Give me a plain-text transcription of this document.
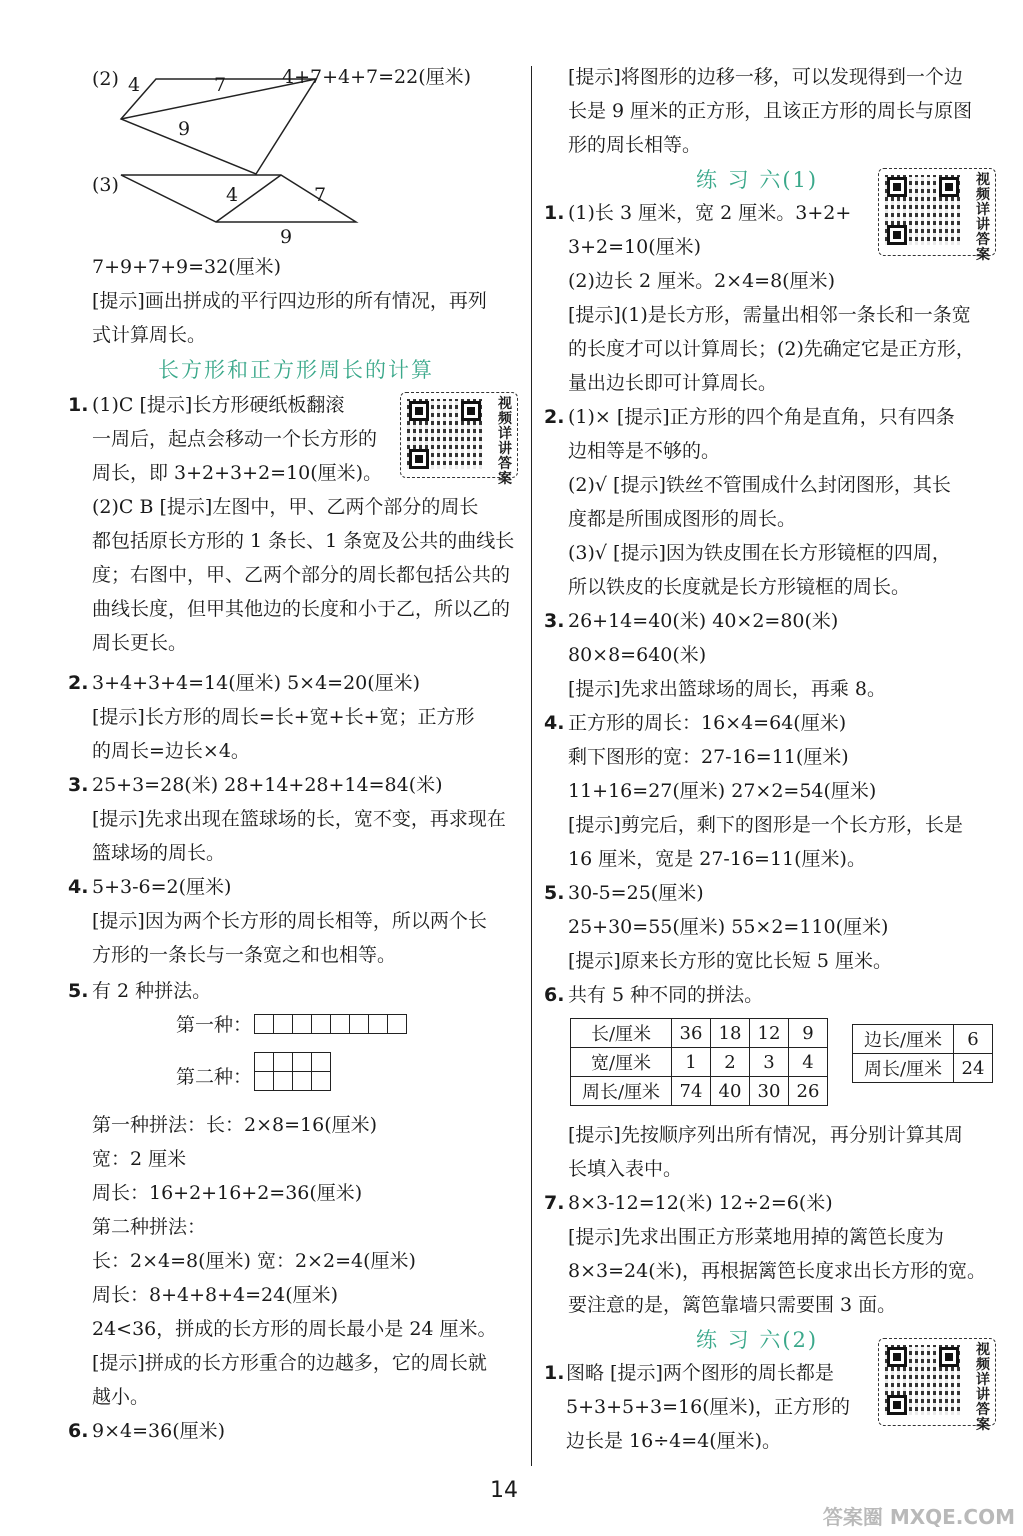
(2) 4	7
9
4+7+4+7=22(厘米)
(3)	4	7
9
7+9+7+9=32(厘米)
[提示]画出拼成的平行四边形的所有情况，再列
式计算周长。
长方形和正方形周长的计算
1. (1)C [提示]长方形硬纸板翻滚
一周后，起点会移动一个长方形的
周长，即 3+2+3+2=10(厘米)。
(2)C B [提示]左图中，甲、乙两个部分的周长
都包括原长方形的 1 条长、1 条宽及公共的曲线长
度；右图中，甲、乙两个部分的周长都包括公共的
曲线长度，但甲其他边的长度和小于乙，所以乙的
周长更长。
视频详讲答案
2. 3+4+3+4=14(厘米) 5×4=20(厘米)
[提示]长方形的周长=长+宽+长+宽；正方形
的周长=边长×4。
3. 25+3=28(米) 28+14+28+14=84(米)
[提示]先求出现在篮球场的长，宽不变，再求现在
篮球场的周长。
4. 5+3-6=2(厘米)
[提示]因为两个长方形的周长相等，所以两个长
方形的一条长与一条宽之和也相等。
5. 有 2 种拼法。
第一种：

第二种：

第一种拼法：长：2×8=16(厘米)
宽：2 厘米
周长：16+2+16+2=36(厘米)
第二种拼法：
长：2×4=8(厘米) 宽：2×2=4(厘米)
周长：8+4+8+4=24(厘米)
24<36，拼成的长方形的周长最小是 24 厘米。
[提示]拼成的长方形重合的边越多，它的周长就
越小。
6. 9×4=36(厘米)
[提示]将图形的边移一移，可以发现得到一个边
长是 9 厘米的正方形，且该正方形的周长与原图
形的周长相等。
练 习 六(1)	视频详讲答案
1. (1)长 3 厘米，宽 2 厘米。3+2+
3+2=10(厘米)
(2)边长 2 厘米。2×4=8(厘米)
[提示](1)是长方形，需量出相邻一条长和一条宽
的长度才可以计算周长；(2)先确定它是正方形，
量出边长即可计算周长。
2. (1)× [提示]正方形的四个角是直角，只有四条
边相等是不够的。
(2)√ [提示]铁丝不管围成什么封闭图形，其长
度都是所围成图形的周长。
(3)√ [提示]因为铁皮围在长方形镜框的四周，
所以铁皮的长度就是长方形镜框的周长。
3. 26+14=40(米) 40×2=80(米)
80×8=640(米)
[提示]先求出篮球场的周长，再乘 8。
4. 正方形的周长：16×4=64(厘米)
剩下图形的宽：27-16=11(厘米)
11+16=27(厘米) 27×2=54(厘米)
[提示]剪完后，剩下的图形是一个长方形，长是
16 厘米，宽是 27-16=11(厘米)。
5. 30-5=25(厘米)
25+30=55(厘米) 55×2=110(厘米)
[提示]原来长方形的宽比长短 5 厘米。
6. 共有 5 种不同的拼法。
长/厘米	36	18	12	9
宽/厘米	1	2	3	4
周长/厘米	74	40	30	26
边长/厘米	6
周长/厘米	24
[提示]先按顺序列出所有情况，再分别计算其周
长填入表中。
7. 8×3-12=12(米) 12÷2=6(米)
[提示]先求出围正方形菜地用掉的篱笆长度为
8×3=24(米)，再根据篱笆长度求出长方形的宽。
要注意的是，篱笆靠墙只需要围 3 面。
练 习 六(2)	视频详讲答案
1. 图略 [提示]两个图形的周长都是
5+3+5+3=16(厘米)，正方形的
边长是 16÷4=4(厘米)。
14
答案圈 MXQE.COM
